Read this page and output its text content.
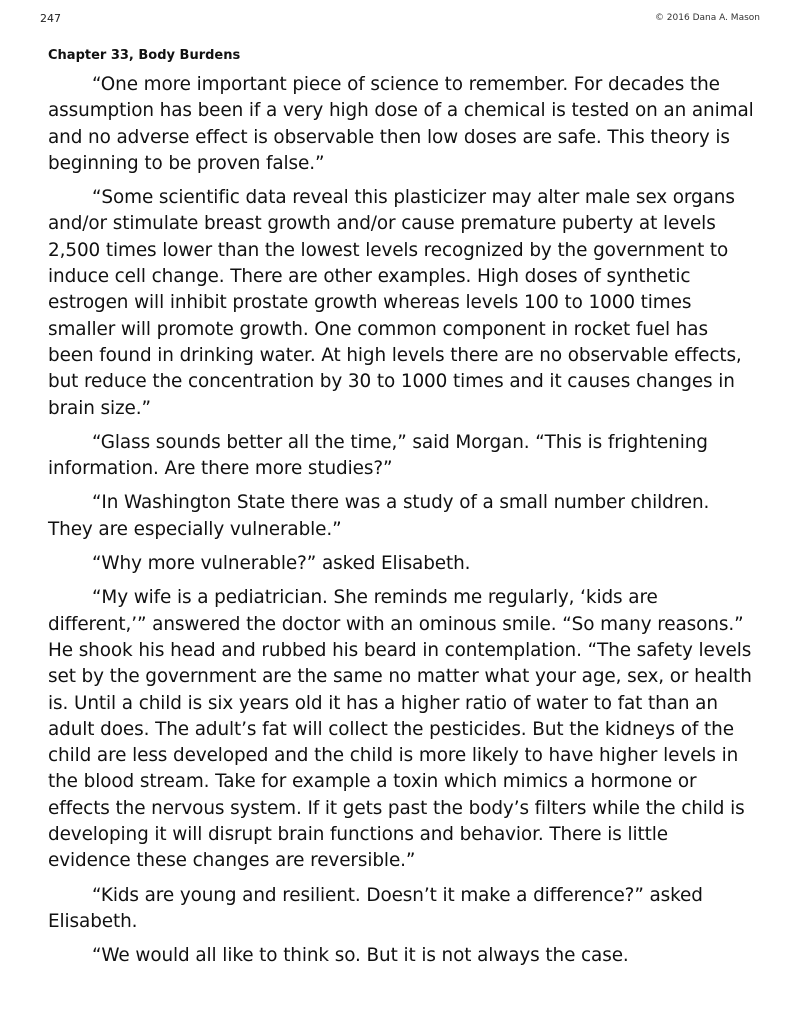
247	© 2016 Dana A. Mason
Chapter 33, Body Burdens

“One more important piece of science to remember. For decades the assumption has been if a very high dose of a chemical is tested on an animal and no adverse effect is observable then low doses are safe. This theory is beginning to be proven false.”

“Some scientific data reveal this plasticizer may alter male sex organs and/or stimulate breast growth and/or cause premature puberty at levels 2,500 times lower than the lowest levels recognized by the government to induce cell change. There are other examples. High doses of synthetic estrogen will inhibit prostate growth whereas levels 100 to 1000 times smaller will promote growth. One common component in rocket fuel has been found in drinking water. At high levels there are no observable effects, but reduce the concentration by 30 to 1000 times and it causes changes in brain size.”

“Glass sounds better all the time,” said Morgan. “This is frightening information. Are there more studies?”

“In Washington State there was a study of a small number children. They are especially vulnerable.”

“Why more vulnerable?” asked Elisabeth.

“My wife is a pediatrician. She reminds me regularly, ‘kids are different,’” answered the doctor with an ominous smile. “So many reasons.” He shook his head and rubbed his beard in contemplation. “The safety levels set by the government are the same no matter what your age, sex, or health is. Until a child is six years old it has a higher ratio of water to fat than an adult does. The adult’s fat will collect the pesticides. But the kidneys of the child are less developed and the child is more likely to have higher levels in the blood stream. Take for example a toxin which mimics a hormone or effects the nervous system. If it gets past the body’s filters while the child is developing it will disrupt brain functions and behavior. There is little evidence these changes are reversible.”

“Kids are young and resilient. Doesn’t it make a difference?” asked Elisabeth.

“We would all like to think so. But it is not always the case.
